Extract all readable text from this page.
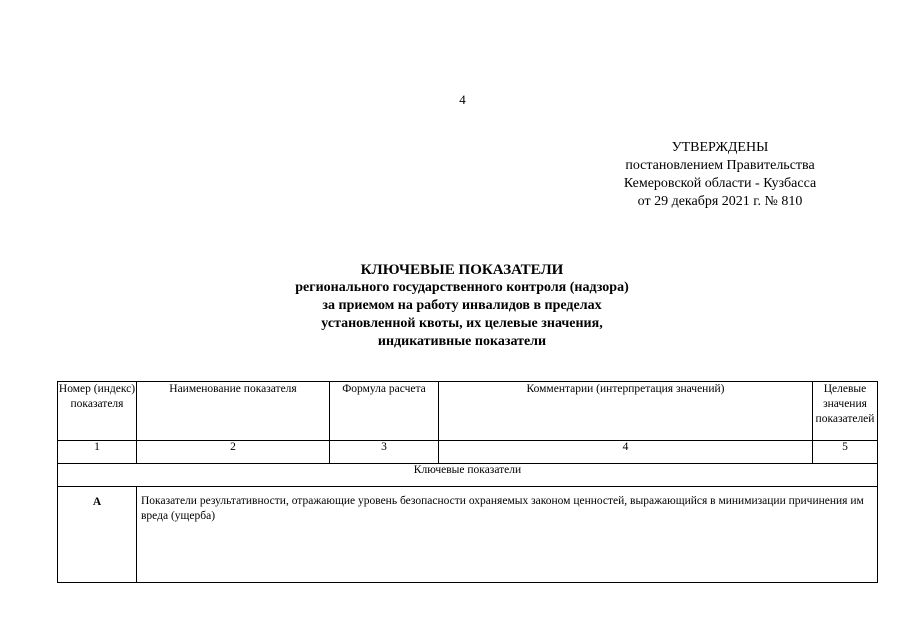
4
УТВЕРЖДЕНЫ
постановлением Правительства
Кемеровской области - Кузбасса
от 29 декабря 2021 г. № 810
КЛЮЧЕВЫЕ ПОКАЗАТЕЛИ
регионального государственного контроля (надзора)
за приемом на работу инвалидов в пределах
установленной квоты, их целевые значения,
индикативные показатели
Номер (индекс) показателя	Наименование показателя	Формула расчета	Комментарии (интерпретация значений)	Целевые значения показателей
1	2	3	4	5
Ключевые показатели				
А	Показатели результативности, отражающие уровень безопасности охраняемых законом ценностей, выражающийся в минимизации причинения им вреда (ущерба)			
